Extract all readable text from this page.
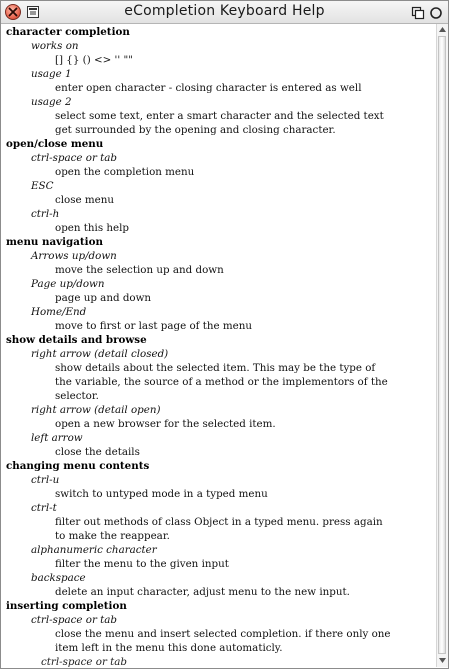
eCompletion Keyboard Help
character completion
works on
[] {} () <> '' ""
usage 1
enter open character - closing character is entered as well
usage 2
select some text, enter a smart character and the selected text
get surrounded by the opening and closing character.
open/close menu
ctrl-space or tab
open the completion menu
ESC
close menu
ctrl-h
open this help
menu navigation
Arrows up/down
move the selection up and down
Page up/down
page up and down
Home/End
move to first or last page of the menu
show details and browse
right arrow (detail closed)
show details about the selected item. This may be the type of
the variable, the source of a method or the implementors of the
selector.
right arrow (detail open)
open a new browser for the selected item.
left arrow
close the details
changing menu contents
ctrl-u
switch to untyped mode in a typed menu
ctrl-t
filter out methods of class Object in a typed menu. press again
to make the reappear.
alphanumeric character
filter the menu to the given input
backspace
delete an input character, adjust menu to the new input.
inserting completion
ctrl-space or tab
close the menu and insert selected completion. if there only one
item left in the menu this done automaticly.
ctrl-space or tab
